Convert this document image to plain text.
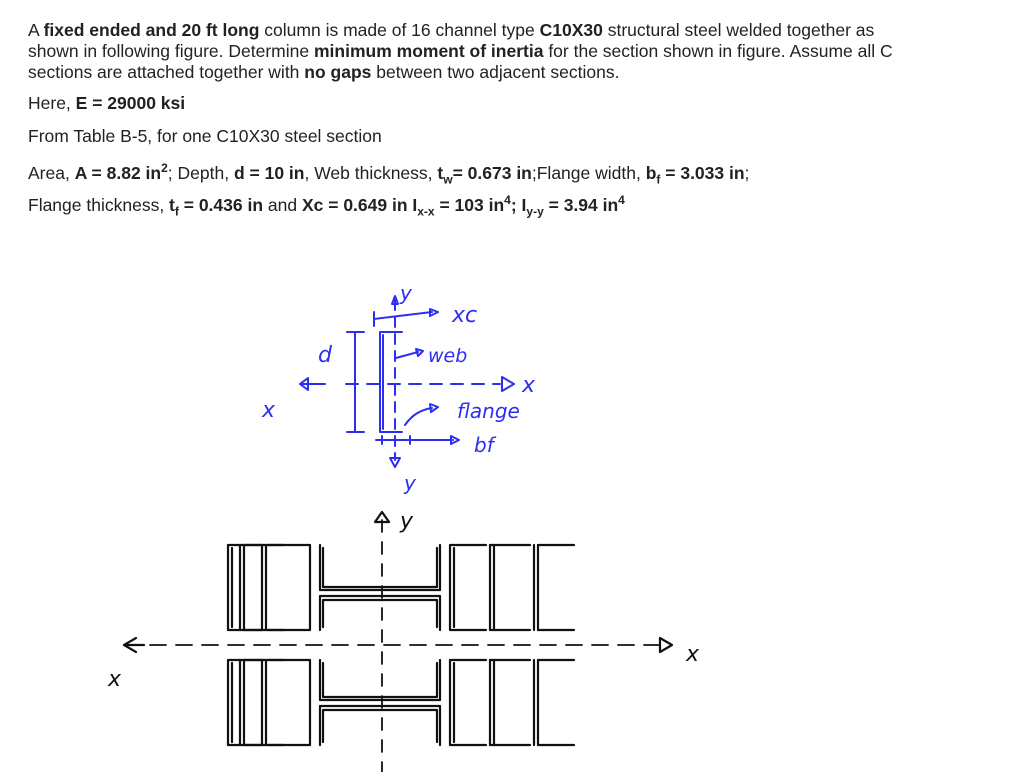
A fixed ended and 20 ft long column is made of 16 channel type C10X30 structural steel welded together as shown in following figure. Determine minimum moment of inertia for the section shown in figure. Assume all C sections are attached together with no gaps between two adjacent sections.

Here, E = 29000 ksi

From Table B-5, for one C10X30 steel section

Area, A = 8.82 $in^2$; Depth, d = 10 in, Web thickness, $t_w= 0.673$ in;Flange width, $b_f = 3.033$ in;

Flange thickness, $t_f = 0.436$ in and Xc = 0.649 in $I_{x-x} = 103$ $in^4$; $I_{y-y} = 3.94$ $in^4$

y
xc
d	web
x
x	flange
bf
y
y
x
x
